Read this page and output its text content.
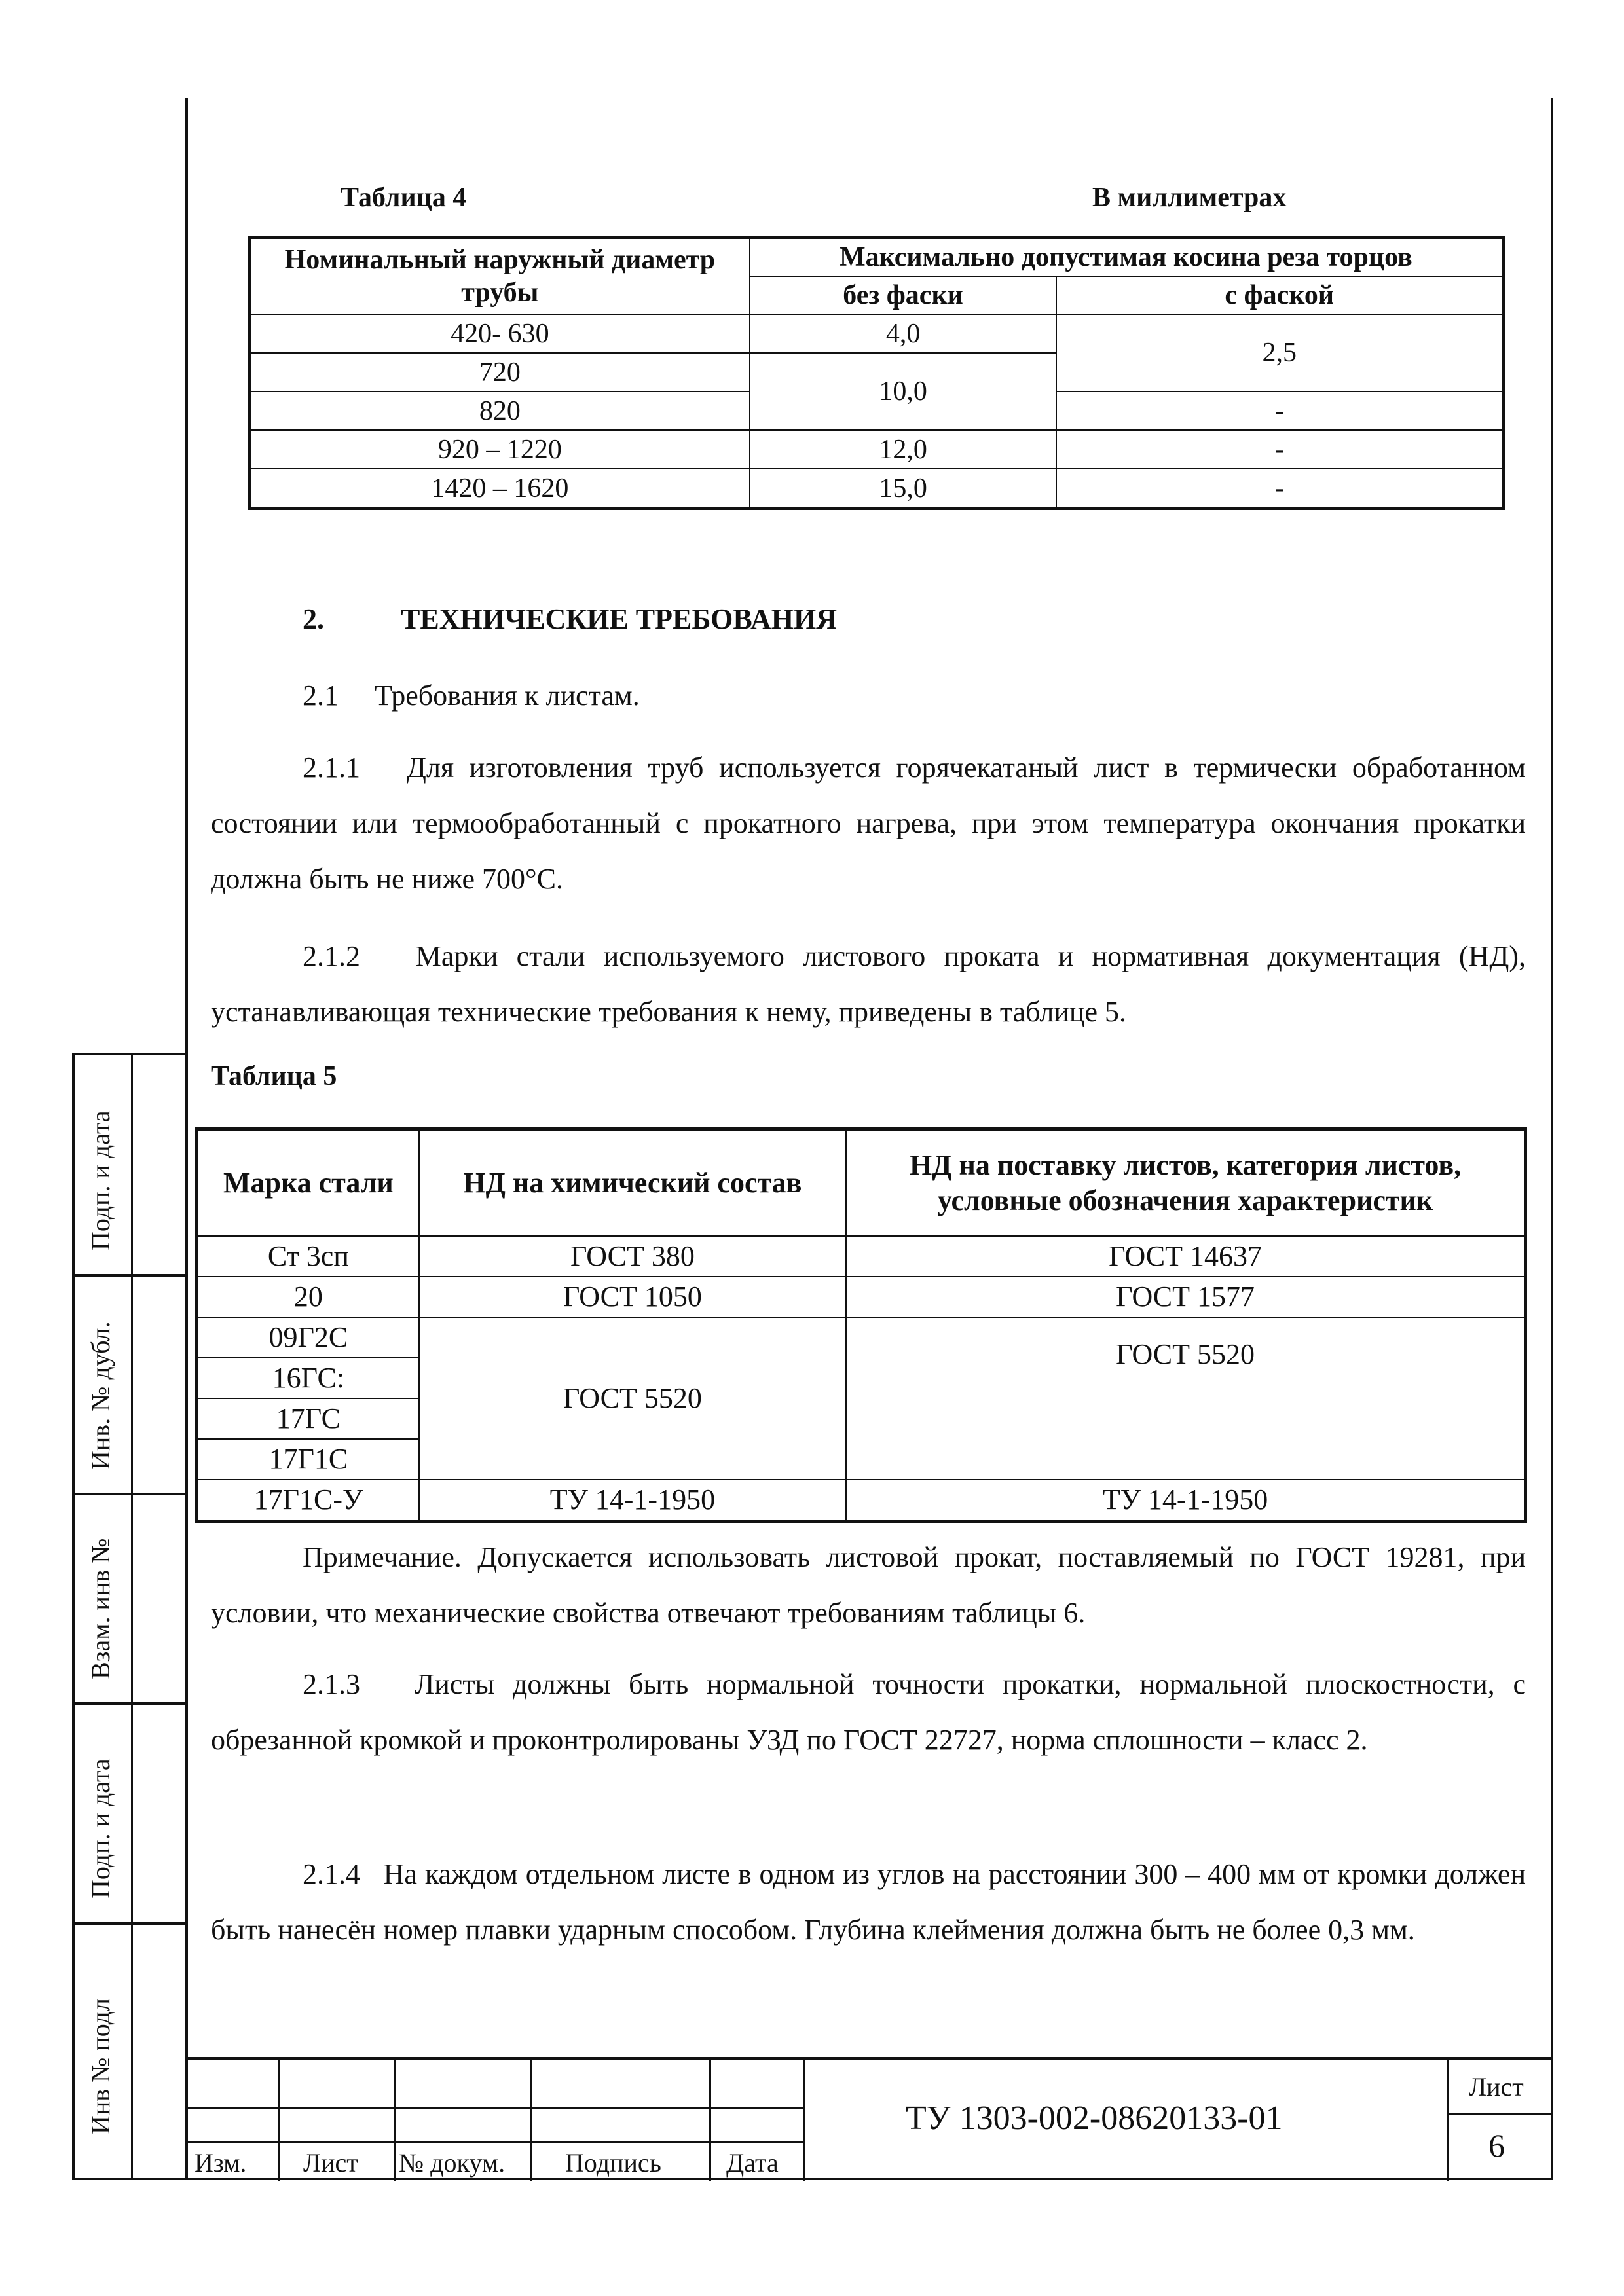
Таблица 4	В миллиметрах
Номинальный наружный диаметр трубы	Максимально допустимая косина реза торцов	
	без фаски	с фаской
420- 630	4,0	2,5
720	10,0	
820		-
920 – 1220	12,0	-
1420 – 1620	15,0	-
2.	ТЕХНИЧЕСКИЕ ТРЕБОВАНИЯ
2.1     Требования к листам.
2.1.1   Для изготовления труб используется горячекатаный лист в термически обработанном состоянии или термообработанный с прокатного нагрева, при этом температура окончания прокатки должна быть не ниже 700°С.
2.1.2   Марки стали используемого листового проката и нормативная документация (НД), устанавливающая технические требования к нему, приведены в таблице 5.
Таблица 5
Марка стали	НД на химический состав	НД на поставку листов, категория листов, условные обозначения характеристик
Ст 3сп	ГОСТ 380	ГОСТ 14637
20	ГОСТ 1050	ГОСТ 1577
09Г2С	ГОСТ 5520	ГОСТ 5520
16ГС:		
17ГС		
17Г1С		
17Г1С-У	ТУ 14-1-1950	ТУ 14-1-1950
Примечание. Допускается использовать листовой прокат, поставляемый по ГОСТ 19281, при условии, что механические свойства отвечают требованиям таблицы 6.
2.1.3   Листы должны быть нормальной точности прокатки, нормальной плоскостности, с обрезанной кромкой и проконтролированы УЗД по ГОСТ 22727, норма сплошности – класс 2.
2.1.4   На каждом отдельном листе в одном из углов на расстоянии 300 – 400 мм от кромки должен быть нанесён номер плавки ударным способом. Глубина клеймения должна быть не более 0,3 мм.
Подп. и дата
Инв. № дубл.
Взам. инв №
Подп. и дата
Инв № подл
Изм. Лист № докум. Подпись Дата
ТУ 1303-002-08620133-01
Лист
6
